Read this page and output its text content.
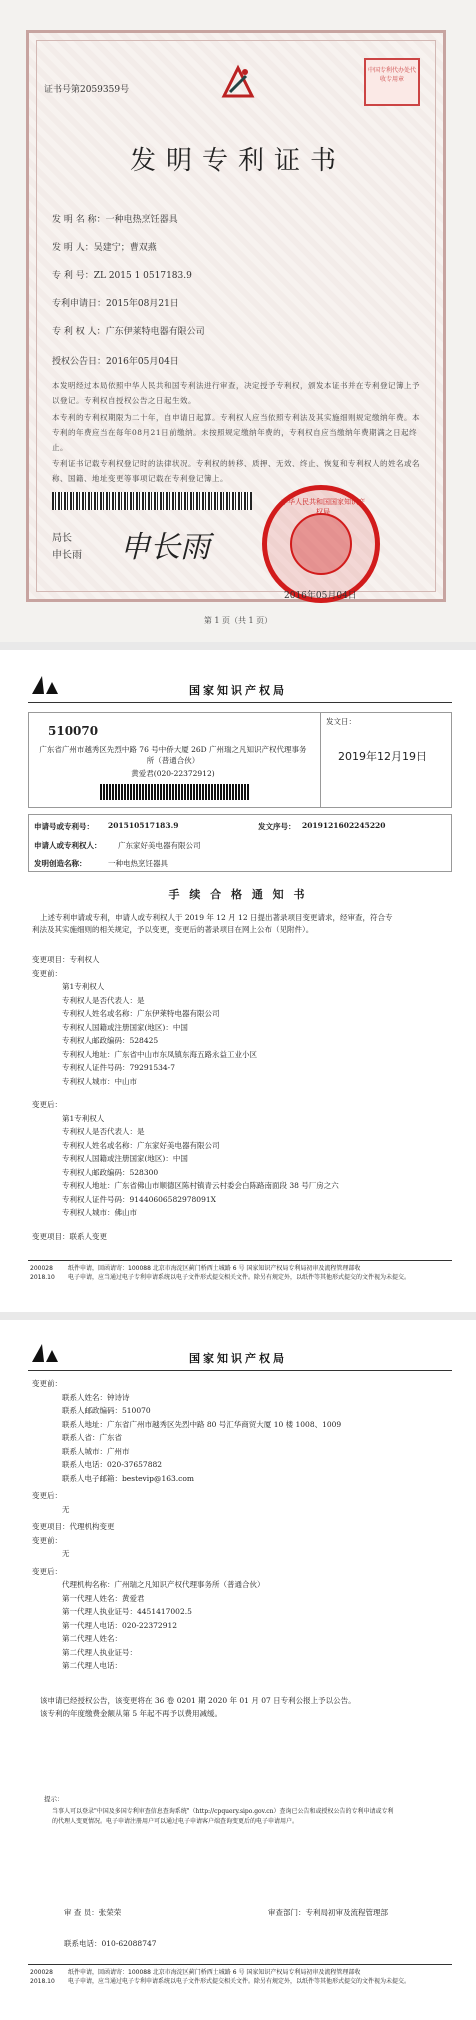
中国专利代办处代收专用章
证书号第2059359号
发明专利证书
发 明 名 称：一种电热烹饪器具
发 明 人：吴建宁；曹双燕
专 利 号：ZL 2015 1 0517183.9
专利申请日：2015年08月21日
专 利 权 人：广东伊莱特电器有限公司
授权公告日：2016年05月04日
本发明经过本局依照中华人民共和国专利法进行审查，决定授予专利权，颁发本证书并在专利登记簿上予以登记。专利权自授权公告之日起生效。
本专利的专利权期限为二十年，自申请日起算。专利权人应当依照专利法及其实施细则规定缴纳年费。本专利的年费应当在每年08月21日前缴纳。未按照规定缴纳年费的，专利权自应当缴纳年费期满之日起终止。
专利证书记载专利权登记时的法律状况。专利权的转移、质押、无效、终止、恢复和专利权人的姓名或名称、国籍、地址变更等事项记载在专利登记簿上。
局长
申长雨 申长雨
中华人民共和国国家知识产权局
2016年05月04日
第 1 页（共 1 页）
国家知识产权局
510070
广东省广州市越秀区先烈中路 76 号中侨大厦 26D 广州瑞之凡知识产权代理事务所（普通合伙）
黄爱君(020-22372912)
发文日：
2019年12月19日
申请号或专利号： 201510517183.9	发文序号： 2019121602245220
申请人或专利权人： 广东家好美电器有限公司
发明创造名称：	一种电热烹饪器具
手 续 合 格 通 知 书
上述专利申请或专利，申请人或专利权人于 2019 年 12 月 12 日提出著录项目变更请求，经审查，符合专
利法及其实施细则的相关规定，予以变更，变更后的著录项目在网上公布（见附件）。
变更项目：专利权人
变更前：
第1专利权人
专利权人是否代表人：是
专利权人姓名或名称：广东伊莱特电器有限公司
专利权人国籍或注册国家(地区)：中国
专利权人邮政编码：528425
专利权人地址：广东省中山市东凤镇东海五路永益工业小区
专利权人证件号码：79291534-7
专利权人城市：中山市
变更后：
第1专利权人
专利权人是否代表人：是
专利权人姓名或名称：广东家好美电器有限公司
专利权人国籍或注册国家(地区)：中国
专利权人邮政编码：528300
专利权人地址：广东省佛山市顺德区陈村镇青云村委会白陈路南面段 38 号厂房之六
专利权人证件号码：91440606582978091X
专利权人城市：佛山市
变更项目：联系人变更
200028 2018.10
纸件申请，回函请寄：100088 北京市海淀区蓟门桥西土城路 6 号 国家知识产权局专利局初审及流程管理部收
电子申请，应当通过电子专利申请系统以电子文件形式提交相关文件。除另有规定外，以纸件等其他形式提交的文件视为未提交。
国家知识产权局
变更前：
联系人姓名：钟诗诗
联系人邮政编码：510070
联系人地址：广东省广州市越秀区先烈中路 80 号汇华商贸大厦 10 楼 1008、1009
联系人省：广东省
联系人城市：广州市
联系人电话：020-37657882
联系人电子邮箱：bestevip@163.com
变更后：
无
变更项目：代理机构变更
变更前：
无
变更后：
代理机构名称：广州瑞之凡知识产权代理事务所（普通合伙）
第一代理人姓名：黄爱君
第一代理人执业证号：4451417002.5
第一代理人电话：020-22372912
第二代理人姓名：
第二代理人执业证号：
第二代理人电话：
该申请已经授权公告，该变更将在 36 卷 0201 期 2020 年 01 月 07 日专利公报上予以公告。
该专利的年度缴费金额从第 5 年起不再予以费用减缓。
提示：
当事人可以登录"中国及多国专利审查信息查询系统"（http://cpquery.sipo.gov.cn）查询已公告和或授权公告的专利申请或专利
的代理人变更情况。电子申请注册用户可以通过电子申请客户端查询变更后的电子申请用户。
审 查 员：张荣荣	审查部门：专利局初审及流程管理部
联系电话：010-62088747
200028 2018.10
纸件申请，回函请寄：100088 北京市海淀区蓟门桥西土城路 6 号 国家知识产权局专利局初审及流程管理部收
电子申请，应当通过电子专利申请系统以电子文件形式提交相关文件。除另有规定外，以纸件等其他形式提交的文件视为未提交。
